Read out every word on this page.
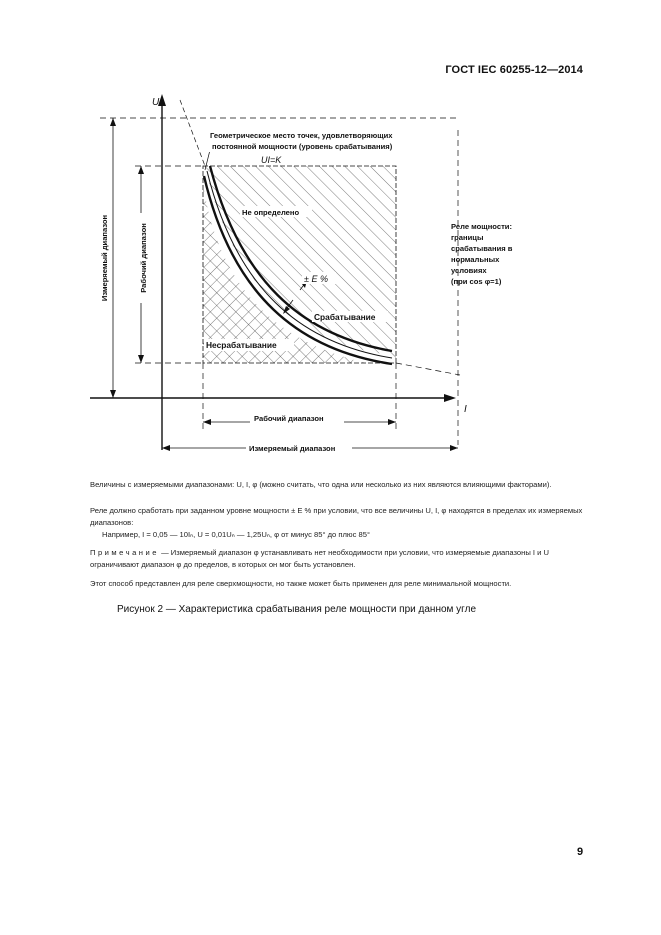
ГОСТ IEC 60255-12—2014
U
I
Геометрическое место точек, удовлетворяющих
постоянной мощности (уровень срабатывания)
UI=K
Не определено
± E %
Срабатывание
Несрабатывание
Рабочий диапазон
Измеряемый диапазон
Измеряемый диапазон	Рабочий диапазон	Реле мощности:
границы
срабатывания в
нормальных
условиях
(при cos φ=1)
Величины с измеряемыми диапазонами: U, I, φ (можно считать, что одна или несколько из них являются влияющими факторами).
Реле должно сработать при заданном уровне мощности ± E % при условии, что все величины U, I, φ находятся в пределах их измеряемых диапазонов:
Например, I = 0,05 — 10Iₙ, U = 0,01Uₙ — 1,25Uₙ, φ от минус 85° до плюс 85°
Примечание — Измеряемый диапазон φ устанавливать нет необходимости при условии, что измеряемые диапазоны I и U ограничивают диапазон φ до пределов, в которых он мог быть установлен.
Этот способ представлен для реле сверхмощности, но также может быть применен для реле минимальной мощности.
Рисунок 2 — Характеристика срабатывания реле мощности при данном угле
9
